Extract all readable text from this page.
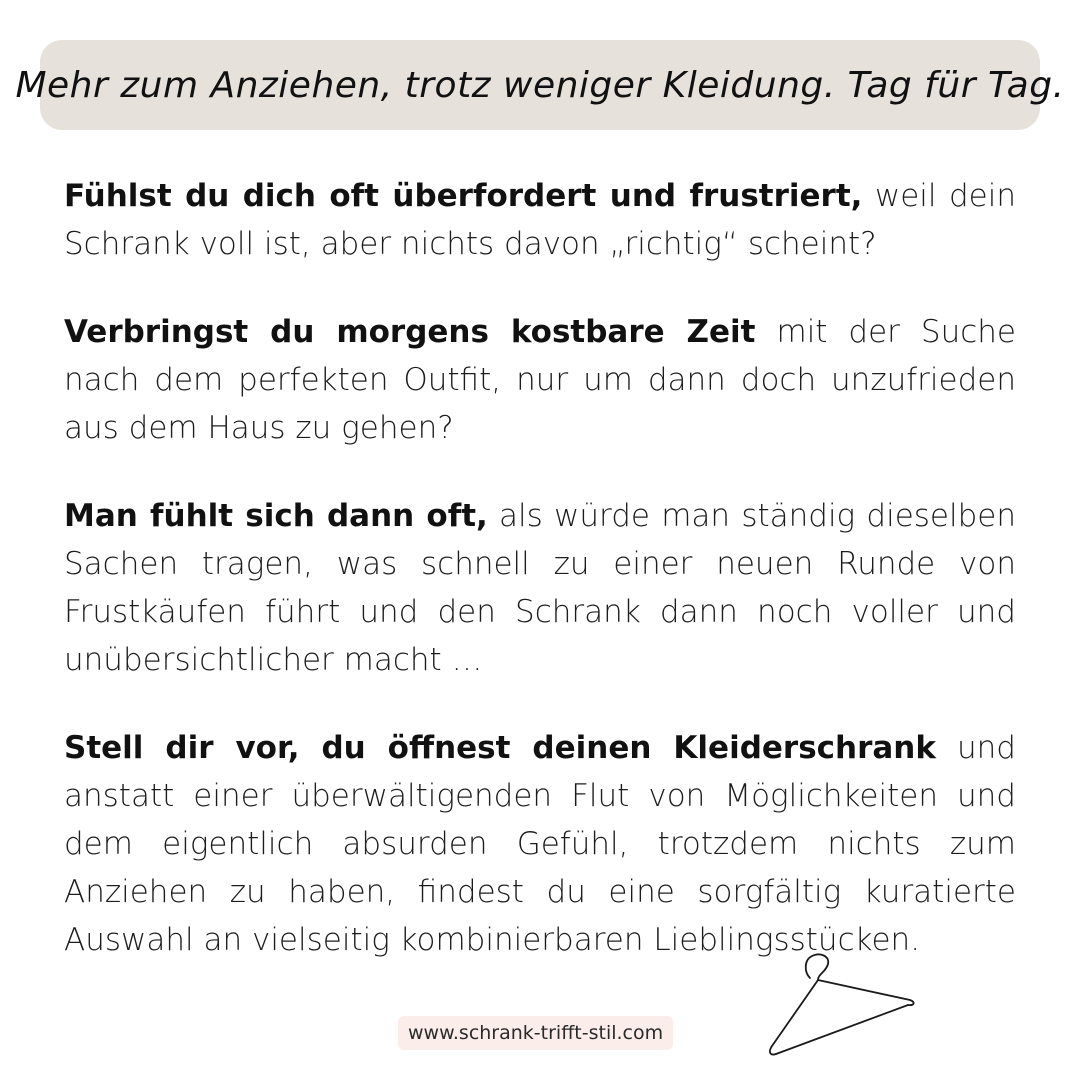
Mehr zum Anziehen, trotz weniger Kleidung. Tag für Tag.

Fühlst du dich oft überfordert und frustriert, weil dein Schrank voll ist, aber nichts davon „richtig“ scheint?

Verbringst du morgens kostbare Zeit mit der Suche nach dem perfekten Outfit, nur um dann doch unzufrieden aus dem Haus zu gehen?

Man fühlt sich dann oft, als würde man ständig dieselben Sachen tragen, was schnell zu einer neuen Runde von Frustkäufen führt und den Schrank dann noch voller und unübersichtlicher macht …

Stell dir vor, du öffnest deinen Kleiderschrank und anstatt einer überwältigenden Flut von Möglichkeiten und dem eigentlich absurden Gefühl, trotzdem nichts zum Anziehen zu haben, findest du eine sorgfältig kuratierte Auswahl an vielseitig kombinierbaren Lieblingsstücken.

www.schrank-trifft-stil.com
